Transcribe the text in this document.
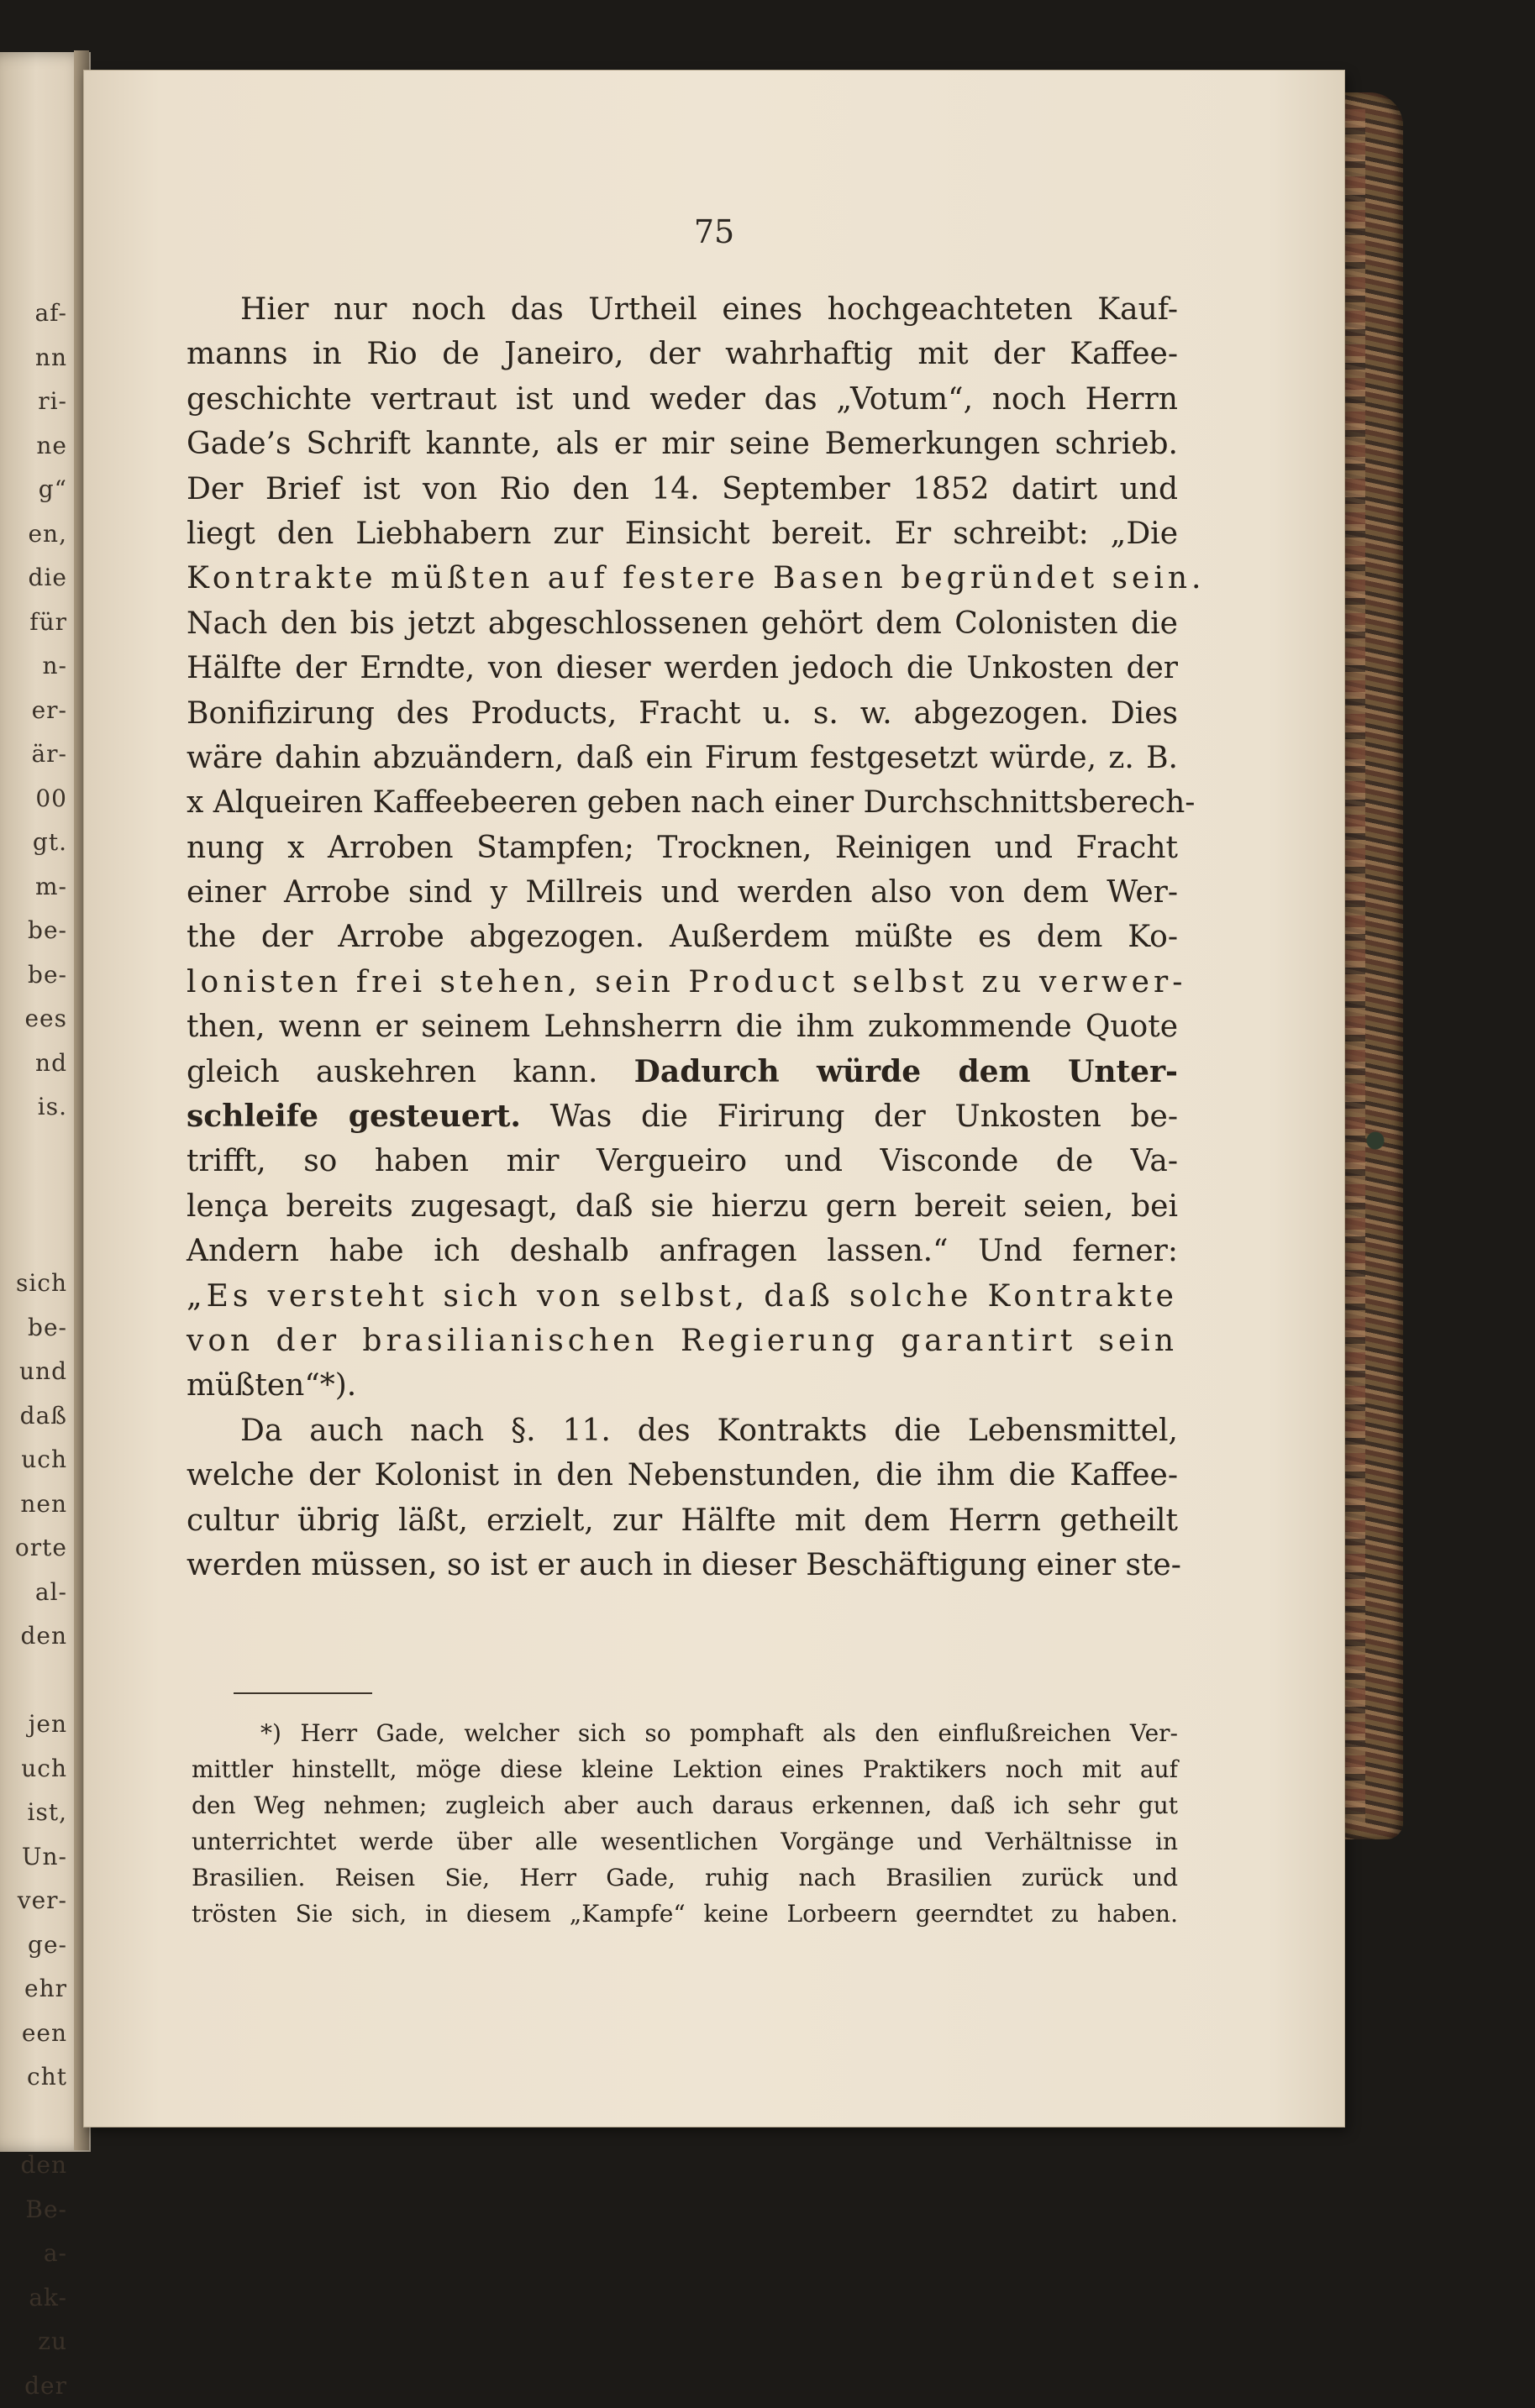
af-
nn
ri-
ne
g“
en,
die
für
n-
er-
är-
00
gt.
m-
be-
be-
ees
nd
is.
sich
be-
und
daß
uch
nen
orte
al-
den
jen
uch
ist,
Un-
ver-
ge-
ehr
een
cht
den
Be-
a-
ak-
zu
der
75
Hier nur noch das Urtheil eines hochgeachteten Kauf-
manns in Rio de Janeiro, der wahrhaftig mit der Kaffee-
geschichte vertraut ist und weder das „Votum“, noch Herrn
Gade’s Schrift kannte, als er mir seine Bemerkungen schrieb.
Der Brief ist von Rio den 14. September 1852 datirt und
liegt den Liebhabern zur Einsicht bereit. Er schreibt: „Die
Kontrakte müßten auf festere Basen begründet sein.
Nach den bis jetzt abgeschlossenen gehört dem Colonisten die
Hälfte der Erndte, von dieser werden jedoch die Unkosten der
Bonifizirung des Products, Fracht u. s. w. abgezogen. Dies
wäre dahin abzuändern, daß ein Firum festgesetzt würde, z. B.
x Alqueiren Kaffeebeeren geben nach einer Durchschnittsberech-
nung x Arroben Stampfen; Trocknen, Reinigen und Fracht
einer Arrobe sind y Millreis und werden also von dem Wer-
the der Arrobe abgezogen. Außerdem müßte es dem Ko-
lonisten frei stehen, sein Product selbst zu verwer-
then, wenn er seinem Lehnsherrn die ihm zukommende Quote
gleich auskehren kann. Dadurch würde dem Unter-
schleife gesteuert. Was die Firirung der Unkosten be-
trifft, so haben mir Vergueiro und Visconde de Va-
lença bereits zugesagt, daß sie hierzu gern bereit seien, bei
Andern habe ich deshalb anfragen lassen.“ Und ferner:
„Es versteht sich von selbst, daß solche Kontrakte
von der brasilianischen Regierung garantirt sein
müßten“*).
Da auch nach §. 11. des Kontrakts die Lebensmittel,
welche der Kolonist in den Nebenstunden, die ihm die Kaffee-
cultur übrig läßt, erzielt, zur Hälfte mit dem Herrn getheilt
werden müssen, so ist er auch in dieser Beschäftigung einer ste-
*) Herr Gade, welcher sich so pomphaft als den einflußreichen Ver-
mittler hinstellt, möge diese kleine Lektion eines Praktikers noch mit auf
den Weg nehmen; zugleich aber auch daraus erkennen, daß ich sehr gut
unterrichtet werde über alle wesentlichen Vorgänge und Verhältnisse in
Brasilien. Reisen Sie, Herr Gade, ruhig nach Brasilien zurück und
trösten Sie sich, in diesem „Kampfe“ keine Lorbeern geerndtet zu haben.
